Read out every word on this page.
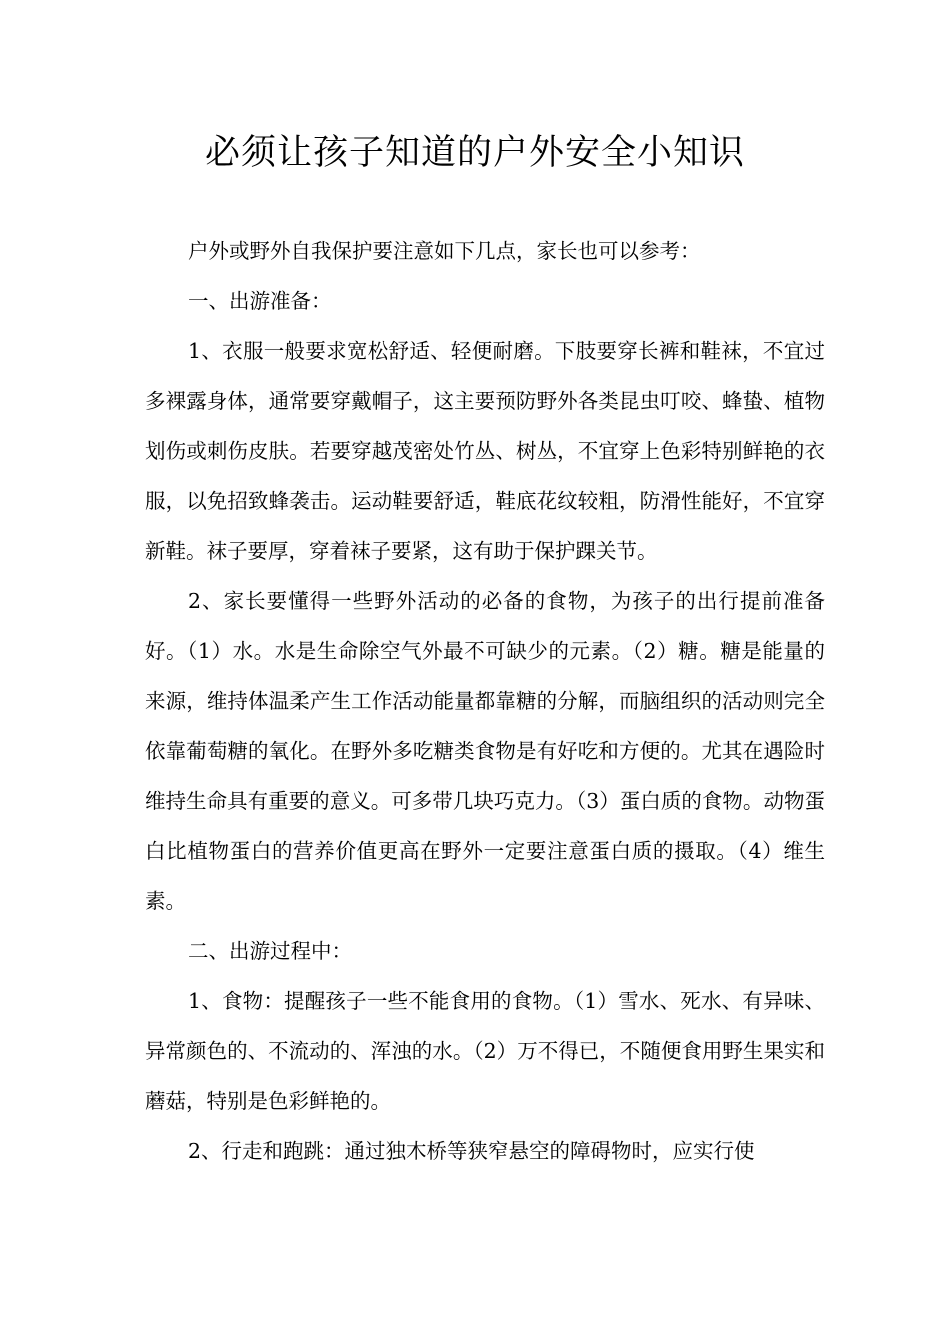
必须让孩子知道的户外安全小知识

户外或野外自我保护要注意如下几点，家长也可以参考：

一、出游准备：

1、衣服一般要求宽松舒适、轻便耐磨。下肢要穿长裤和鞋袜，不宜过多裸露身体，通常要穿戴帽子，这主要预防野外各类昆虫叮咬、蜂蛰、植物划伤或刺伤皮肤。若要穿越茂密处竹丛、树丛，不宜穿上色彩特别鲜艳的衣服，以免招致蜂袭击。运动鞋要舒适，鞋底花纹较粗，防滑性能好，不宜穿新鞋。袜子要厚，穿着袜子要紧，这有助于保护踝关节。

2、家长要懂得一些野外活动的必备的食物，为孩子的出行提前准备好。（1）水。水是生命除空气外最不可缺少的元素。（2）糖。糖是能量的来源，维持体温柔产生工作活动能量都靠糖的分解，而脑组织的活动则完全依靠葡萄糖的氧化。在野外多吃糖类食物是有好吃和方便的。尤其在遇险时维持生命具有重要的意义。可多带几块巧克力。（3）蛋白质的食物。动物蛋白比植物蛋白的营养价值更高在野外一定要注意蛋白质的摄取。（4）维生素。

二、出游过程中：

1、食物：提醒孩子一些不能食用的食物。（1）雪水、死水、有异味、异常颜色的、不流动的、浑浊的水。（2）万不得已，不随便食用野生果实和蘑菇，特别是色彩鲜艳的。

2、行走和跑跳：通过独木桥等狭窄悬空的障碍物时，应实行使
